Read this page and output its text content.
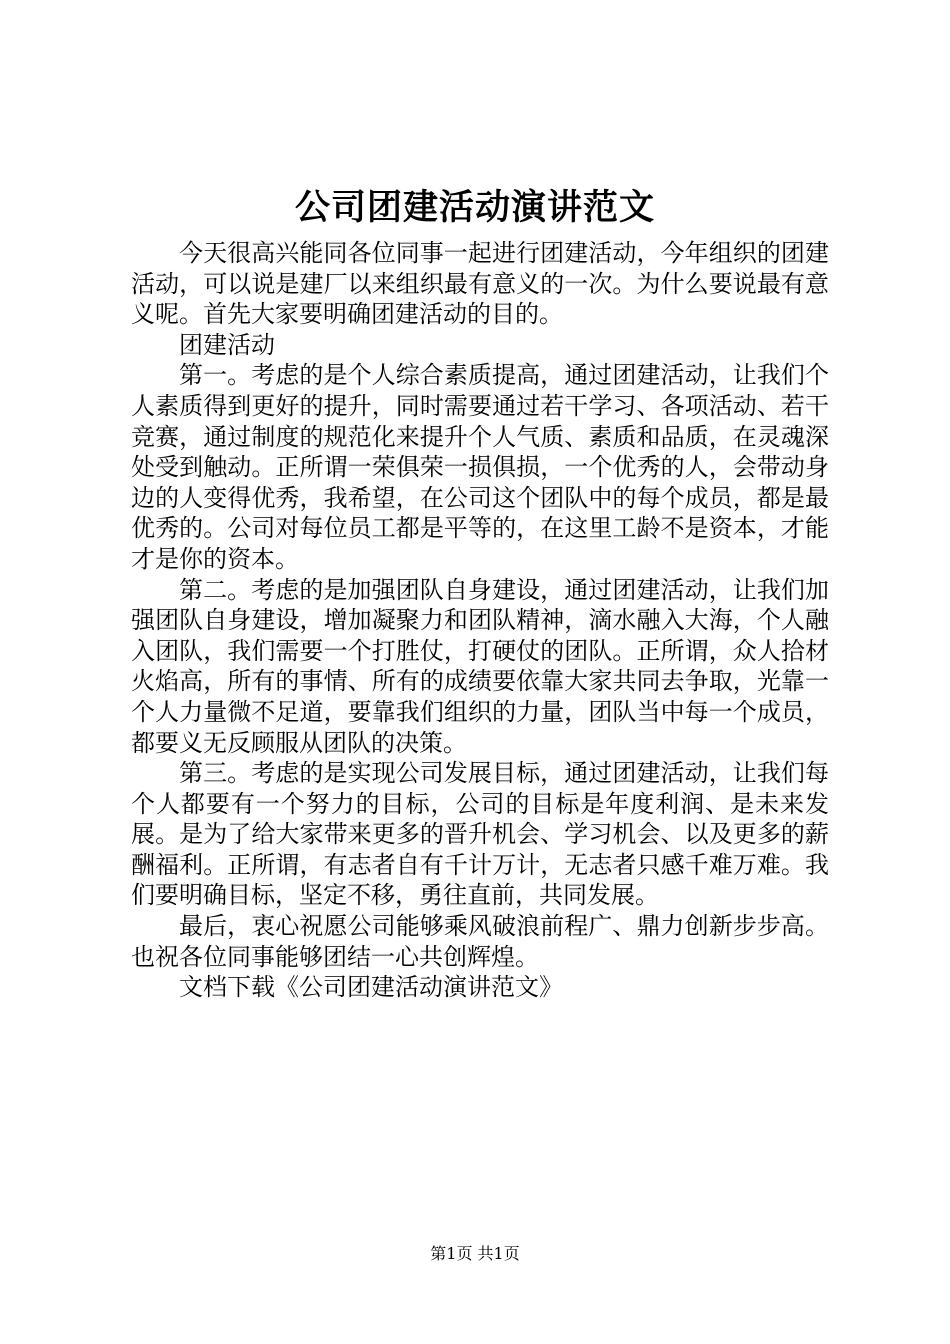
公司团建活动演讲范文

今天很高兴能同各位同事一起进行团建活动，今年组织的团建活动，可以说是建厂以来组织最有意义的一次。为什么要说最有意义呢。首先大家要明确团建活动的目的。

团建活动

第一。考虑的是个人综合素质提高，通过团建活动，让我们个人素质得到更好的提升，同时需要通过若干学习、各项活动、若干竞赛，通过制度的规范化来提升个人气质、素质和品质，在灵魂深处受到触动。正所谓一荣俱荣一损俱损，一个优秀的人，会带动身边的人变得优秀，我希望，在公司这个团队中的每个成员，都是最优秀的。公司对每位员工都是平等的，在这里工龄不是资本，才能才是你的资本。

第二。考虑的是加强团队自身建设，通过团建活动，让我们加强团队自身建设，增加凝聚力和团队精神，滴水融入大海，个人融入团队，我们需要一个打胜仗，打硬仗的团队。正所谓，众人拾材火焰高，所有的事情、所有的成绩要依靠大家共同去争取，光靠一个人力量微不足道，要靠我们组织的力量，团队当中每一个成员，都要义无反顾服从团队的决策。

第三。考虑的是实现公司发展目标，通过团建活动，让我们每个人都要有一个努力的目标，公司的目标是年度利润、是未来发展。是为了给大家带来更多的晋升机会、学习机会、以及更多的薪酬福利。正所谓，有志者自有千计万计，无志者只感千难万难。我们要明确目标，坚定不移，勇往直前，共同发展。

最后，衷心祝愿公司能够乘风破浪前程广、鼎力创新步步高。也祝各位同事能够团结一心共创辉煌。

文档下载《公司团建活动演讲范文》

第1页 共1页
